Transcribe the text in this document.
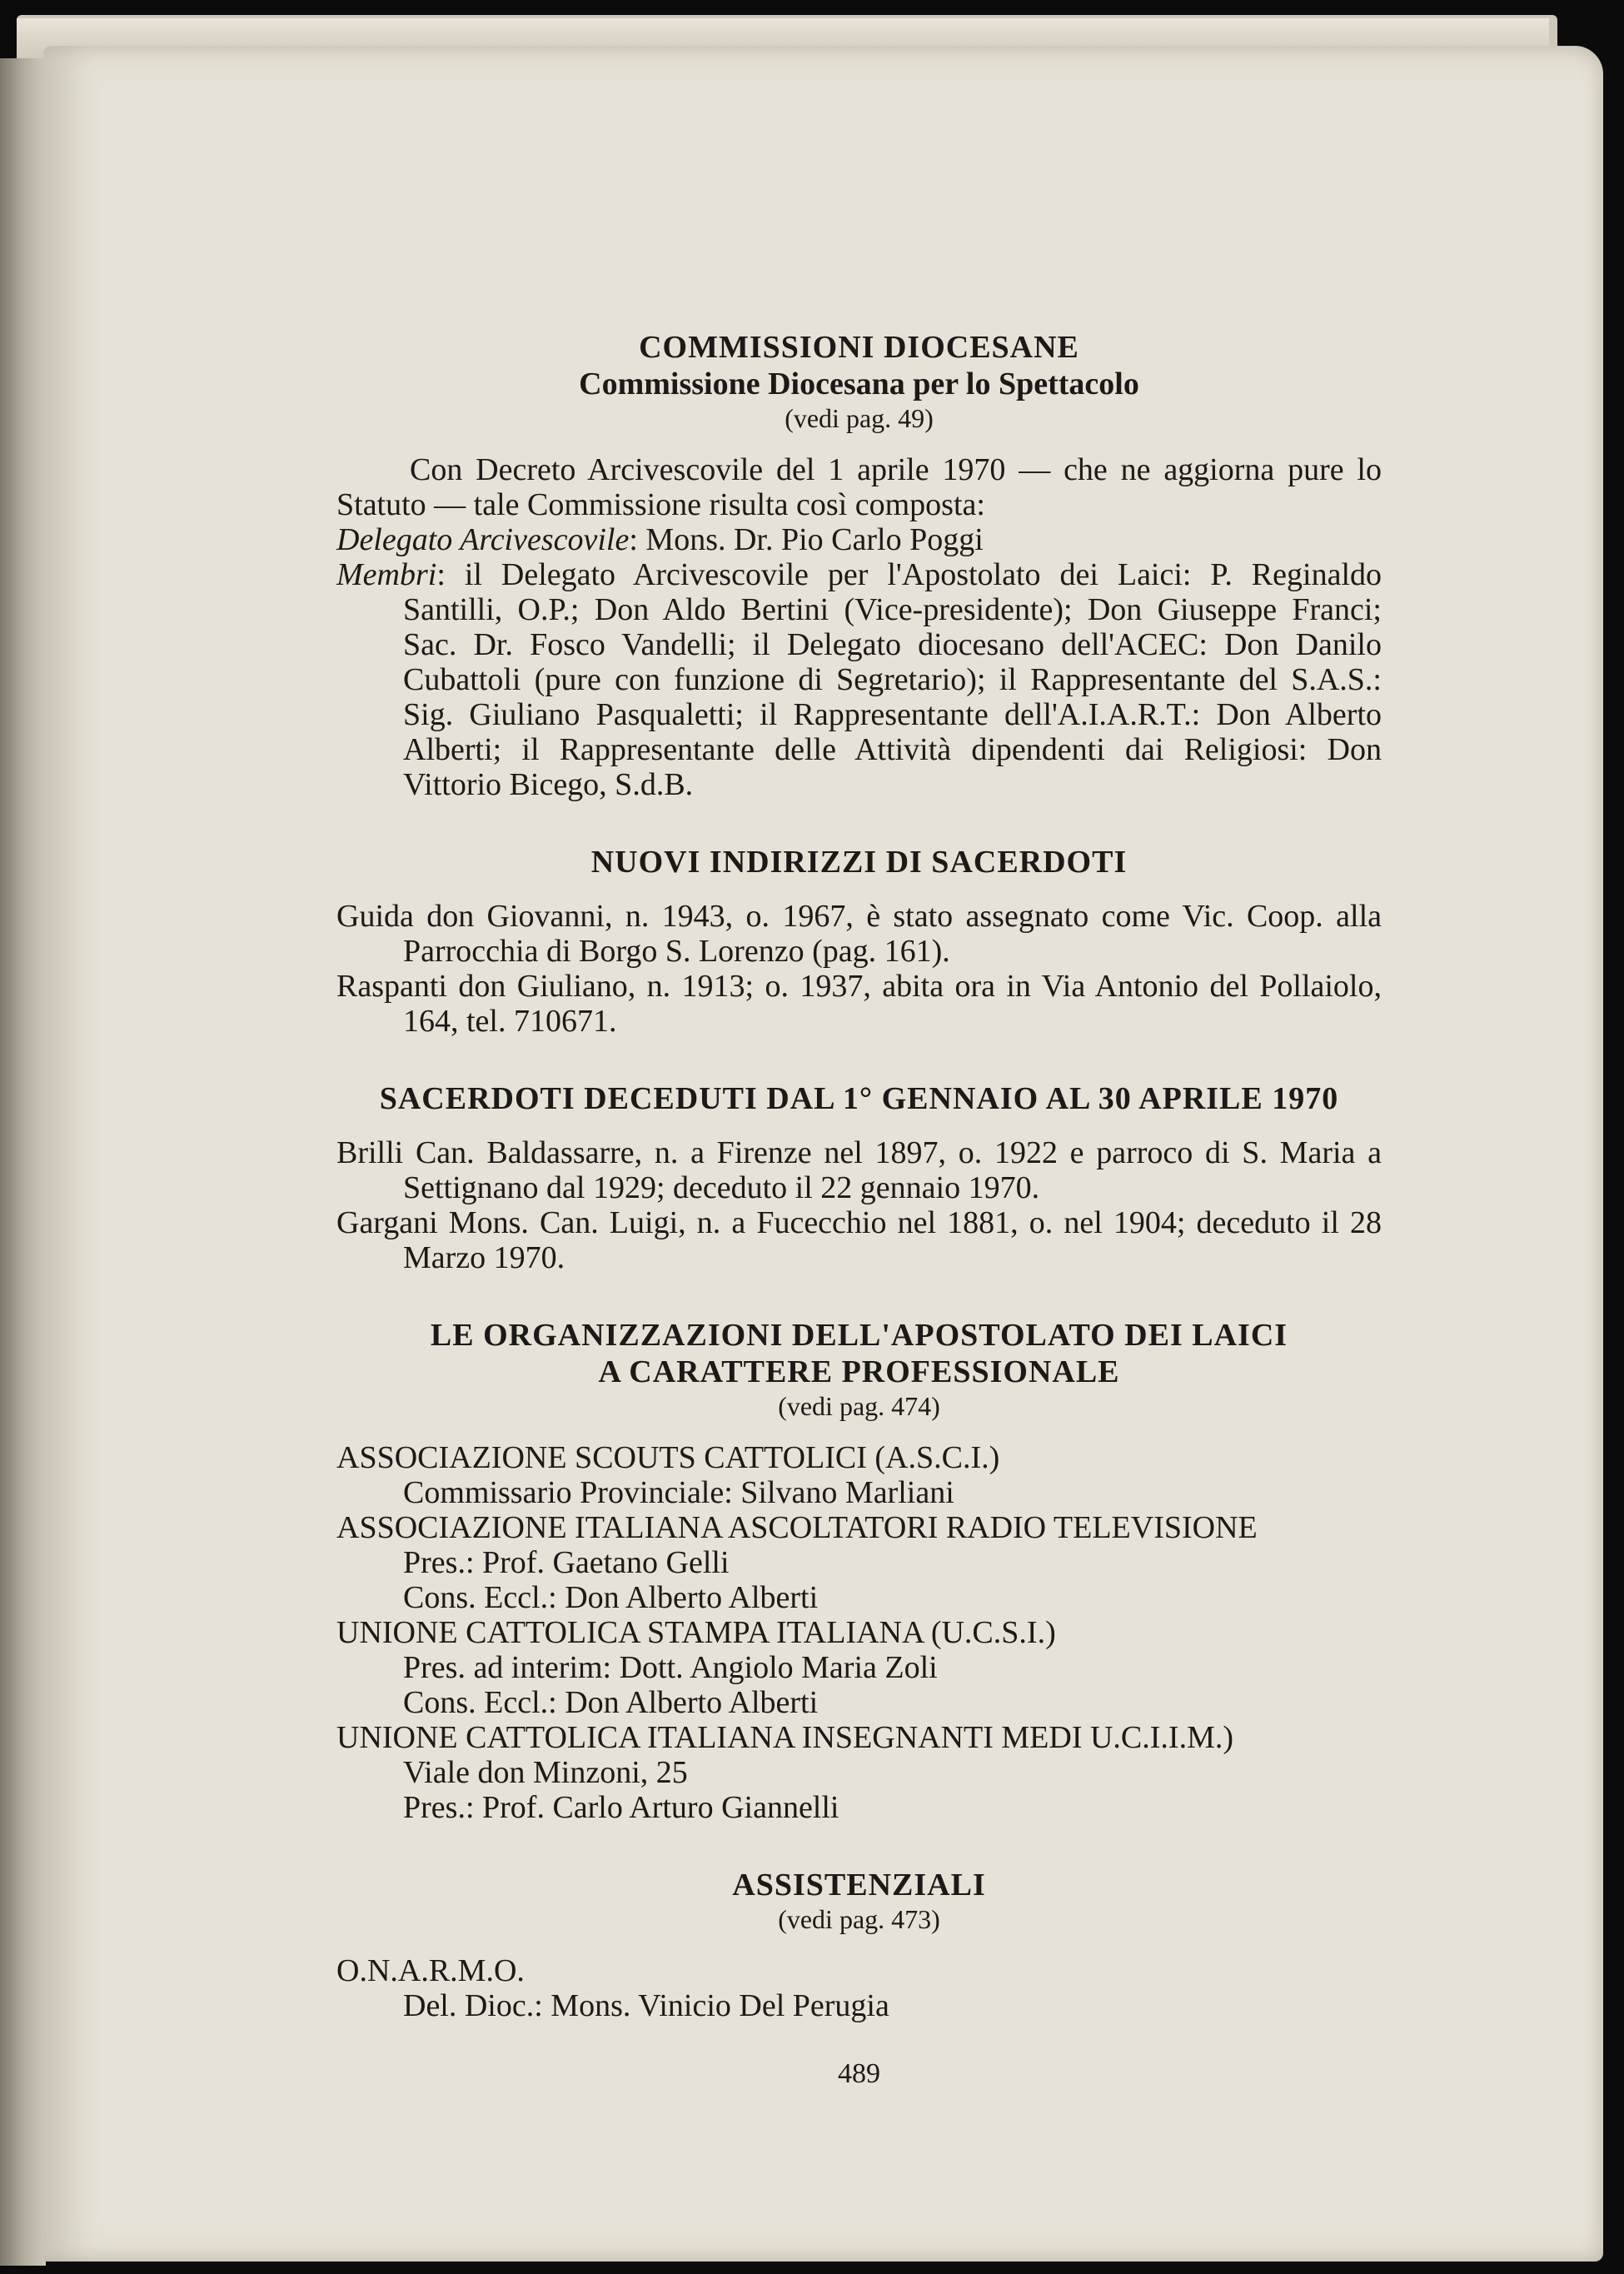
COMMISSIONI DIOCESANE
Commissione Diocesana per lo Spettacolo
(vedi pag. 49)
Con Decreto Arcivescovile del 1 aprile 1970 — che ne aggiorna pure lo Statuto — tale Commissione risulta così composta:
Delegato Arcivescovile: Mons. Dr. Pio Carlo Poggi
Membri: il Delegato Arcivescovile per l'Apostolato dei Laici: P. Reginaldo Santilli, O.P.; Don Aldo Bertini (Vice-presidente); Don Giuseppe Franci; Sac. Dr. Fosco Vandelli; il Delegato diocesano dell'ACEC: Don Danilo Cubattoli (pure con funzione di Segretario); il Rappresentante del S.A.S.: Sig. Giuliano Pasqualetti; il Rappresentante dell'A.I.A.R.T.: Don Alberto Alberti; il Rappresentante delle Attività dipendenti dai Religiosi: Don Vittorio Bicego, S.d.B.
NUOVI INDIRIZZI DI SACERDOTI
Guida don Giovanni, n. 1943, o. 1967, è stato assegnato come Vic. Coop. alla Parrocchia di Borgo S. Lorenzo (pag. 161).
Raspanti don Giuliano, n. 1913; o. 1937, abita ora in Via Antonio del Pollaiolo, 164, tel. 710671.
SACERDOTI DECEDUTI DAL 1° GENNAIO AL 30 APRILE 1970
Brilli Can. Baldassarre, n. a Firenze nel 1897, o. 1922 e parroco di S. Maria a Settignano dal 1929; deceduto il 22 gennaio 1970.
Gargani Mons. Can. Luigi, n. a Fucecchio nel 1881, o. nel 1904; deceduto il 28 Marzo 1970.
LE ORGANIZZAZIONI DELL'APOSTOLATO DEI LAICI
A CARATTERE PROFESSIONALE
(vedi pag. 474)
ASSOCIAZIONE SCOUTS CATTOLICI (A.S.C.I.)
Commissario Provinciale: Silvano Marliani
ASSOCIAZIONE ITALIANA ASCOLTATORI RADIO TELEVISIONE
Pres.: Prof. Gaetano Gelli
Cons. Eccl.: Don Alberto Alberti
UNIONE CATTOLICA STAMPA ITALIANA (U.C.S.I.)
Pres. ad interim: Dott. Angiolo Maria Zoli
Cons. Eccl.: Don Alberto Alberti
UNIONE CATTOLICA ITALIANA INSEGNANTI MEDI U.C.I.I.M.)
Viale don Minzoni, 25
Pres.: Prof. Carlo Arturo Giannelli
ASSISTENZIALI
(vedi pag. 473)
O.N.A.R.M.O.
Del. Dioc.: Mons. Vinicio Del Perugia
489
